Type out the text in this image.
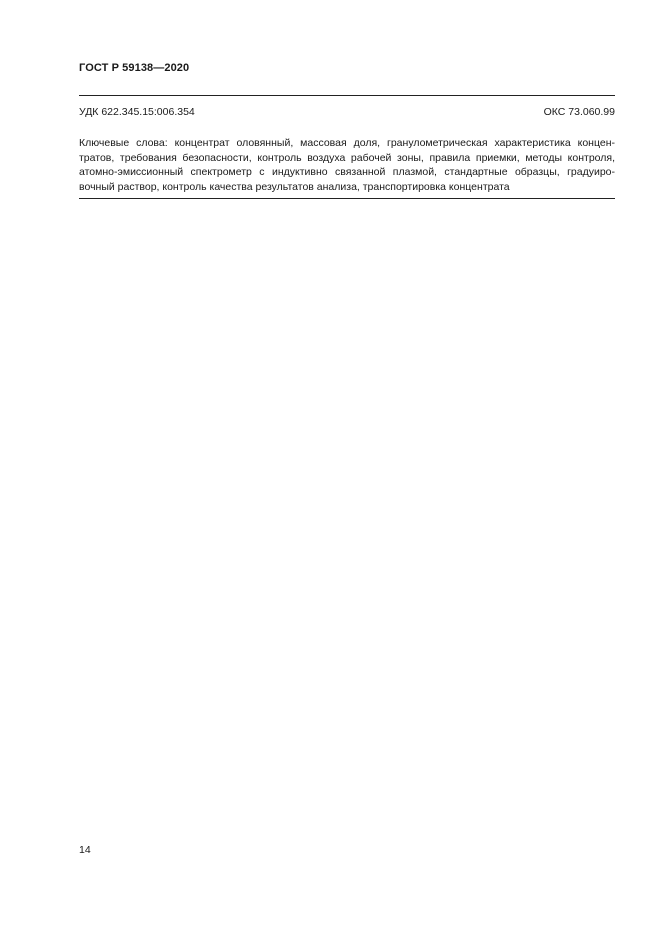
ГОСТ Р 59138—2020
УДК 622.345.15:006.354	ОКС 73.060.99
Ключевые слова: концентрат оловянный, массовая доля, гранулометрическая характеристика концен-
тратов, требования безопасности, контроль воздуха рабочей зоны, правила приемки, методы контроля,
атомно-эмиссионный спектрометр с индуктивно связанной плазмой, стандартные образцы, градуиро-
вочный раствор, контроль качества результатов анализа, транспортировка концентрата
14
